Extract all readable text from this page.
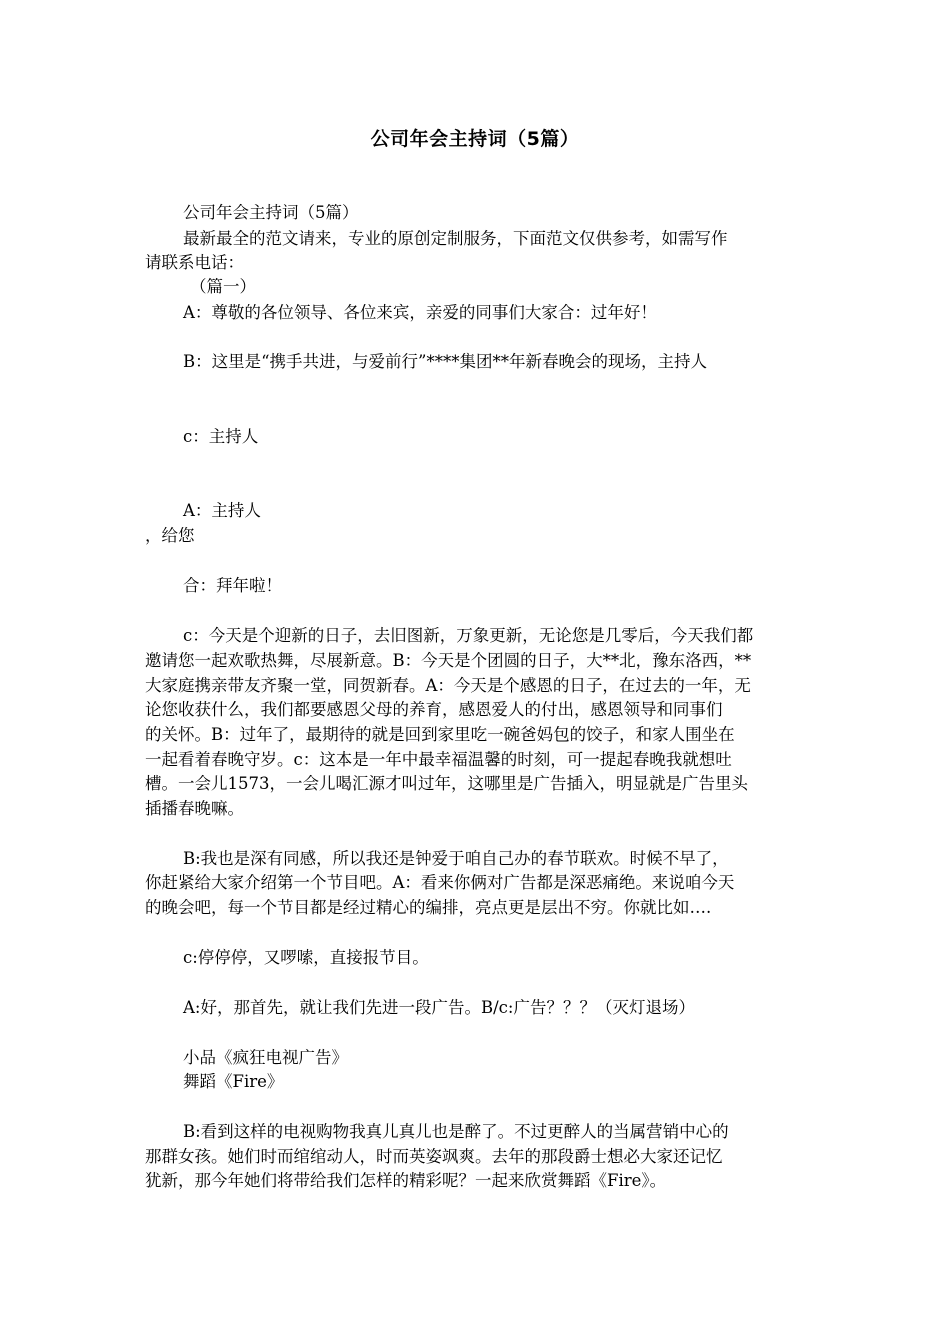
公司年会主持词（5篇）
公司年会主持词（5篇）
最新最全的范文请来，专业的原创定制服务，下面范文仅供参考，如需写作
请联系电话：
（篇一）
A：尊敬的各位领导、各位来宾，亲爱的同事们大家合：过年好！
B：这里是“携手共进，与爱前行”****集团**年新春晚会的现场，主持人
c：主持人
A：主持人
，给您
合：拜年啦！
c：今天是个迎新的日子，去旧图新，万象更新，无论您是几零后，今天我们都
邀请您一起欢歌热舞，尽展新意。B：今天是个团圆的日子，大**北，豫东洛西，**
大家庭携亲带友齐聚一堂，同贺新春。A：今天是个感恩的日子，在过去的一年，无
论您收获什么，我们都要感恩父母的养育，感恩爱人的付出，感恩领导和同事们
的关怀。B：过年了，最期待的就是回到家里吃一碗爸妈包的饺子，和家人围坐在
一起看着春晚守岁。c：这本是一年中最幸福温馨的时刻，可一提起春晚我就想吐
槽。一会儿1573，一会儿喝汇源才叫过年，这哪里是广告插入，明显就是广告里头
插播春晚嘛。
B:我也是深有同感，所以我还是钟爱于咱自己办的春节联欢。时候不早了，
你赶紧给大家介绍第一个节目吧。A：看来你俩对广告都是深恶痛绝。来说咱今天
的晚会吧，每一个节目都是经过精心的编排，亮点更是层出不穷。你就比如….
c:停停停，又啰嗦，直接报节目。
A:好，那首先，就让我们先进一段广告。B/c:广告？？？（灭灯退场）
小品《疯狂电视广告》
舞蹈《Fire》
B:看到这样的电视购物我真儿真儿也是醉了。不过更醉人的当属营销中心的
那群女孩。她们时而绾绾动人，时而英姿飒爽。去年的那段爵士想必大家还记忆
犹新，那今年她们将带给我们怎样的精彩呢？一起来欣赏舞蹈《Fire》。
